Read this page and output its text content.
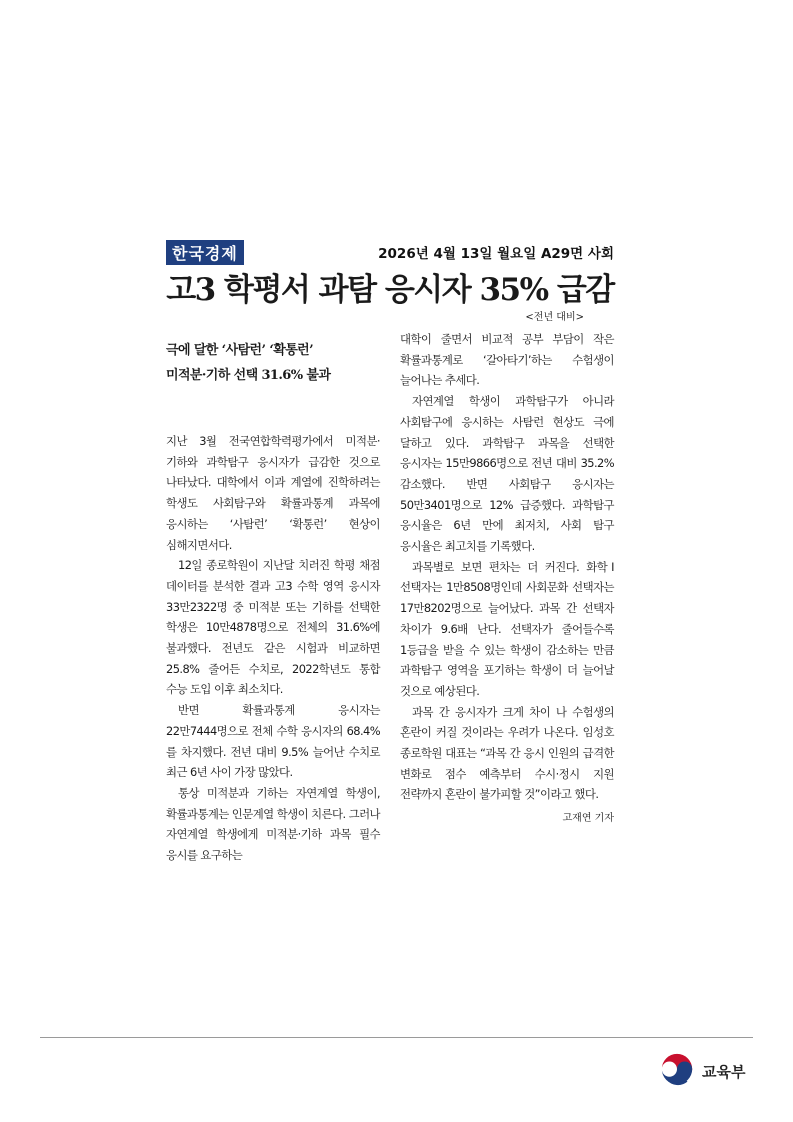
한국경제	2026년 4월 13일 월요일 A29면 사회
고3 학평서 과탐 응시자 35% 급감
<전년 대비>
극에 달한 ‘사탐런’ ‘확통런’
미적분·기하 선택 31.6% 불과

지난 3월 전국연합학력평가에서 미적분·기하와 과학탐구 응시자가 급감한 것으로 나타났다. 대학에서 이과 계열에 진학하려는 학생도 사회탐구와 확률과통계 과목에 응시하는 ‘사탐런’ ‘확통런’ 현상이 심해지면서다.

12일 종로학원이 지난달 치러진 학평 채점 데이터를 분석한 결과 고3 수학 영역 응시자 33만2322명 중 미적분 또는 기하를 선택한 학생은 10만4878명으로 전체의 31.6%에 불과했다. 전년도 같은 시험과 비교하면 25.8% 줄어든 수치로, 2022학년도 통합 수능 도입 이후 최소치다.

반면 확률과통계 응시자는 22만7444명으로 전체 수학 응시자의 68.4%를 차지했다. 전년 대비 9.5% 늘어난 수치로 최근 6년 사이 가장 많았다.

통상 미적분과 기하는 자연계열 학생이, 확률과통계는 인문계열 학생이 치른다. 그러나 자연계열 학생에게 미적분·기하 과목 필수 응시를 요구하는

대학이 줄면서 비교적 공부 부담이 작은 확률과통계로 ‘갈아타기’하는 수험생이 늘어나는 추세다.

자연계열 학생이 과학탐구가 아니라 사회탐구에 응시하는 사탐런 현상도 극에 달하고 있다. 과학탐구 과목을 선택한 응시자는 15만9866명으로 전년 대비 35.2% 감소했다. 반면 사회탐구 응시자는 50만3401명으로 12% 급증했다. 과학탐구 응시율은 6년 만에 최저치, 사회 탐구 응시율은 최고치를 기록했다.

과목별로 보면 편차는 더 커진다. 화학Ⅰ 선택자는 1만8508명인데 사회문화 선택자는 17만8202명으로 늘어났다. 과목 간 선택자 차이가 9.6배 난다. 선택자가 줄어들수록 1등급을 받을 수 있는 학생이 감소하는 만큼 과학탐구 영역을 포기하는 학생이 더 늘어날 것으로 예상된다.

과목 간 응시자가 크게 차이 나 수험생의 혼란이 커질 것이라는 우려가 나온다. 임성호 종로학원 대표는 “과목 간 응시 인원의 급격한 변화로 점수 예측부터 수시·정시 지원 전략까지 혼란이 불가피할 것”이라고 했다.

고재연 기자
교육부
